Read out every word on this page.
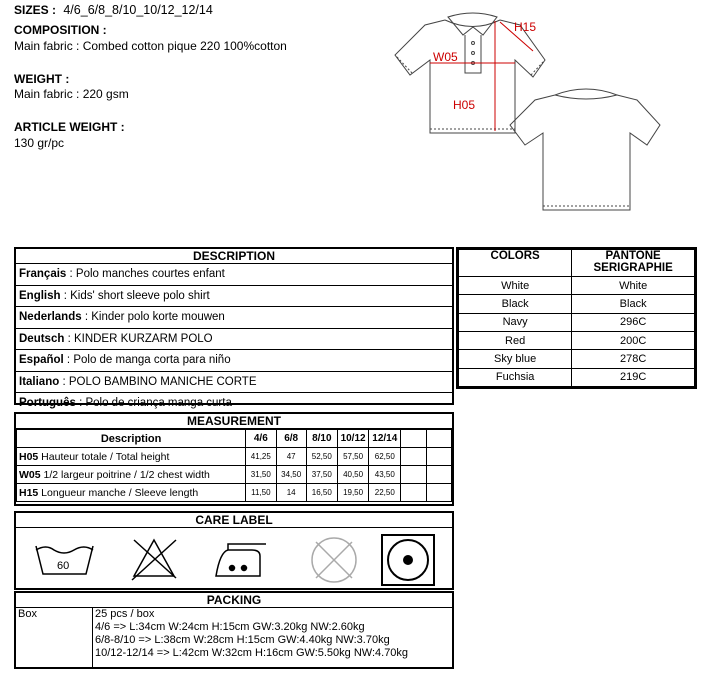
SIZES : 4/6_6/8_8/10_10/12_12/14
COMPOSITION :
Main fabric : Combed cotton pique 220 100%cotton
WEIGHT :
Main fabric : 220 gsm
ARTICLE WEIGHT :
130 gr/pc
H15
W05
H05
DESCRIPTION
Français : Polo manches courtes enfant
English : Kids' short sleeve polo shirt
Nederlands : Kinder polo korte mouwen
Deutsch : KINDER KURZARM POLO
Español : Polo de manga corta para niño
Italiano : POLO BAMBINO MANICHE CORTE
Português : Polo de criança manga curta
COLORS	PANTONE
SERIGRAPHIE
White	White
Black	Black
Navy	296C
Red	200C
Sky blue	278C
Fuchsia	219C
MEASUREMENT
Description	4/6	6/8	8/10	10/12	12/14		
H05 Hauteur totale / Total height	41,25	47	52,50	57,50	62,50		
W05 1/2 largeur poitrine / 1/2 chest width	31,50	34,50	37,50	40,50	43,50		
H15 Longueur manche / Sleeve length	11,50	14	16,50	19,50	22,50		
CARE LABEL
60
PACKING
Box	25 pcs / box
4/6 => L:34cm W:24cm H:15cm GW:3.20kg NW:2.60kg
6/8-8/10 => L:38cm W:28cm H:15cm GW:4.40kg NW:3.70kg
10/12-12/14 => L:42cm W:32cm H:16cm GW:5.50kg NW:4.70kg
